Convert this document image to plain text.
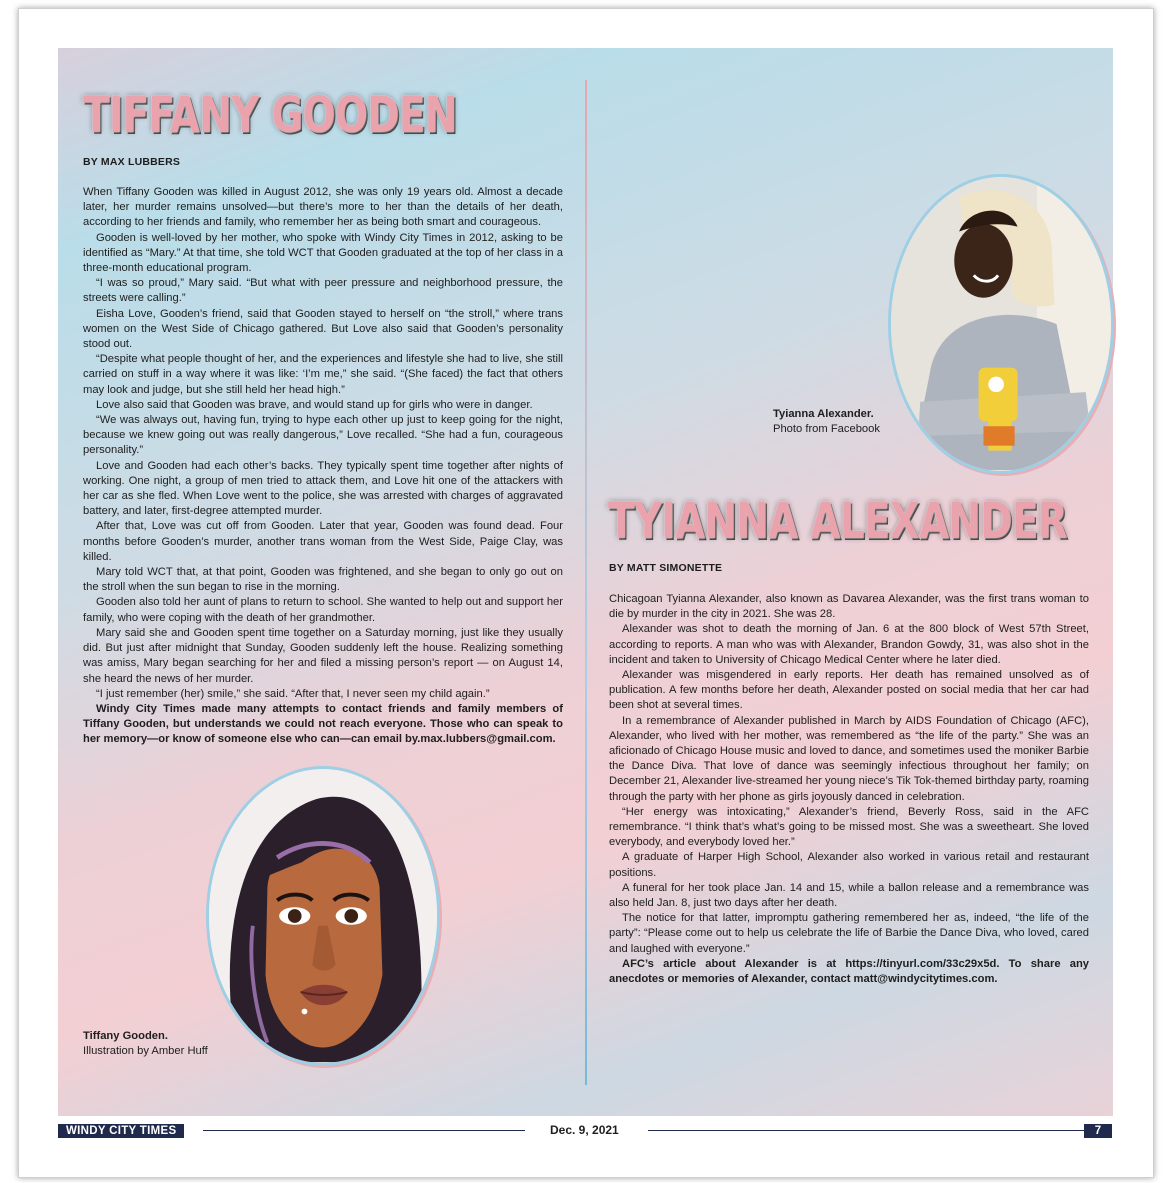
TIFFANY GOODEN
BY MAX LUBBERS

When Tiffany Gooden was killed in August 2012, she was only 19 years old. Almost a decade later, her murder remains unsolved—but there’s more to her than the details of her death, according to her friends and family, who remember her as being both smart and courageous.

Gooden is well-loved by her mother, who spoke with Windy City Times in 2012, asking to be identified as “Mary.” At that time, she told WCT that Gooden graduated at the top of her class in a three-month educational program.

“I was so proud,” Mary said. “But what with peer pressure and neighborhood pressure, the streets were calling.”

Eisha Love, Gooden’s friend, said that Gooden stayed to herself on “the stroll,” where trans women on the West Side of Chicago gathered. But Love also said that Gooden’s personality stood out.

“Despite what people thought of her, and the experiences and lifestyle she had to live, she still carried on stuff in a way where it was like: ‘I’m me,” she said. “(She faced) the fact that others may look and judge, but she still held her head high.”

Love also said that Gooden was brave, and would stand up for girls who were in danger.

“We was always out, having fun, trying to hype each other up just to keep going for the night, because we knew going out was really dangerous,” Love recalled. “She had a fun, courageous personality.”

Love and Gooden had each other’s backs. They typically spent time together after nights of working. One night, a group of men tried to attack them, and Love hit one of the attackers with her car as she fled. When Love went to the police, she was arrested with charges of aggravated battery, and later, first-degree attempted murder.

After that, Love was cut off from Gooden. Later that year, Gooden was found dead. Four months before Gooden’s murder, another trans woman from the West Side, Paige Clay, was killed.

Mary told WCT that, at that point, Gooden was frightened, and she began to only go out on the stroll when the sun began to rise in the morning.

Gooden also told her aunt of plans to return to school. She wanted to help out and support her family, who were coping with the death of her grandmother.

Mary said she and Gooden spent time together on a Saturday morning, just like they usually did. But just after midnight that Sunday, Gooden suddenly left the house. Realizing something was amiss, Mary began searching for her and filed a missing person’s report — on August 14, she heard the news of her murder.

“I just remember (her) smile,” she said. “After that, I never seen my child again.”

Windy City Times made many attempts to contact friends and family members of Tiffany Gooden, but understands we could not reach everyone. Those who can speak to her memory—or know of someone else who can—can email by.max.lubbers@gmail.com.

Tiffany Gooden.
Illustration by Amber Huff
Tyianna Alexander.
Photo from Facebook
TYIANNA ALEXANDER
BY MATT SIMONETTE

Chicagoan Tyianna Alexander, also known as Davarea Alexander, was the first trans woman to die by murder in the city in 2021. She was 28.

Alexander was shot to death the morning of Jan. 6 at the 800 block of West 57th Street, according to reports. A man who was with Alexander, Brandon Gowdy, 31, was also shot in the incident and taken to University of Chicago Medical Center where he later died.

Alexander was misgendered in early reports. Her death has remained unsolved as of publication. A few months before her death, Alexander posted on social media that her car had been shot at several times.

In a remembrance of Alexander published in March by AIDS Foundation of Chicago (AFC), Alexander, who lived with her mother, was remembered as “the life of the party.” She was an aficionado of Chicago House music and loved to dance, and sometimes used the moniker Barbie the Dance Diva. That love of dance was seemingly infectious throughout her family; on December 21, Alexander live-streamed her young niece’s Tik Tok-themed birthday party, roaming through the party with her phone as girls joyously danced in celebration.

“Her energy was intoxicating,” Alexander’s friend, Beverly Ross, said in the AFC remembrance. “I think that’s what’s going to be missed most. She was a sweetheart. She loved everybody, and everybody loved her.”

A graduate of Harper High School, Alexander also worked in various retail and restaurant positions.

A funeral for her took place Jan. 14 and 15, while a ballon release and a remembrance was also held Jan. 8, just two days after her death.

The notice for that latter, impromptu gathering remembered her as, indeed, “the life of the party”: “Please come out to help us celebrate the life of Barbie the Dance Diva, who loved, cared and laughed with everyone.”

AFC’s article about Alexander is at https://tinyurl.com/33c29x5d. To share any anecdotes or memories of Alexander, contact matt@windycitytimes.com.

WINDY CITY TIMES	Dec. 9, 2021	7
